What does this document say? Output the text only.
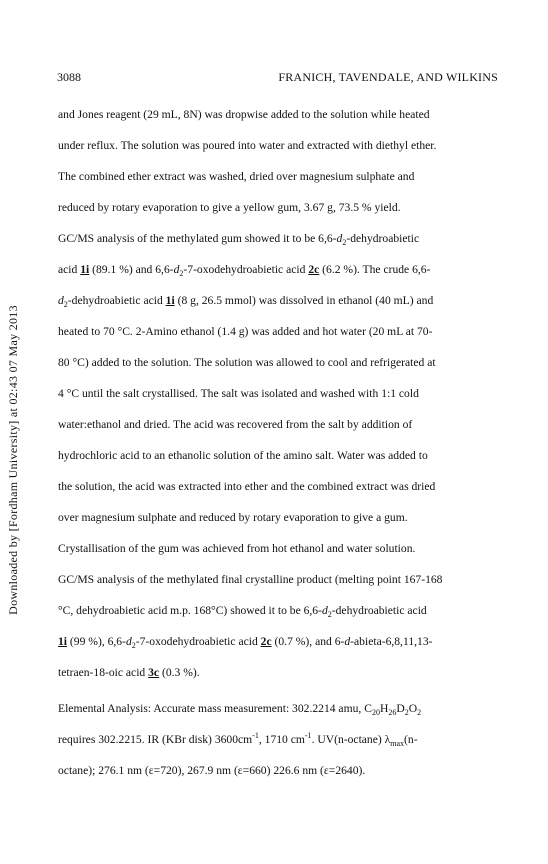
3088	FRANICH, TAVENDALE, AND WILKINS
Downloaded by [Fordham University] at 02:43 07 May 2013
and Jones reagent (29 mL, 8N) was dropwise added to the solution while heated
under reflux. The solution was poured into water and extracted with diethyl ether.
The combined ether extract was washed, dried over magnesium sulphate and
reduced by rotary evaporation to give a yellow gum, 3.67 g, 73.5 % yield.
GC/MS analysis of the methylated gum showed it to be $6,6-d_2$-dehydroabietic
acid 1i (89.1 %) and $6,6-d_2-7$-oxodehydroabietic acid 2c (6.2 %). The crude 6,6-
$d_2$-dehydroabietic acid 1i (8 g, 26.5 mmol) was dissolved in ethanol (40 mL) and
heated to 70 °C. 2-Amino ethanol (1.4 g) was added and hot water (20 mL at 70-
80 °C) added to the solution. The solution was allowed to cool and refrigerated at
4 °C until the salt crystallised. The salt was isolated and washed with 1:1 cold
water:ethanol and dried. The acid was recovered from the salt by addition of
hydrochloric acid to an ethanolic solution of the amino salt. Water was added to
the solution, the acid was extracted into ether and the combined extract was dried
over magnesium sulphate and reduced by rotary evaporation to give a gum.
Crystallisation of the gum was achieved from hot ethanol and water solution.
GC/MS analysis of the methylated final crystalline product (melting point 167-168
°C, dehydroabietic acid m.p. 168°C) showed it to be $6,6-d_2$-dehydroabietic acid
1i (99 %), $6,6-d_2-7$-oxodehydroabietic acid 2c (0.7 %), and 6-d-abieta-6,8,11,13-
tetraen-18-oic acid 3c (0.3 %).
Elemental Analysis: Accurate mass measurement: 302.2214 amu, $C_{20}H_{26}D_2O_2$
requires 302.2215. IR (KBr disk) $3600cm^{-1}$, 1710 $cm^{-1}$. UV(n-octane) $\lambda_{max}(n-$
octane); 276.1 nm (ε=720), 267.9 nm (ε=660) 226.6 nm (ε=2640).
